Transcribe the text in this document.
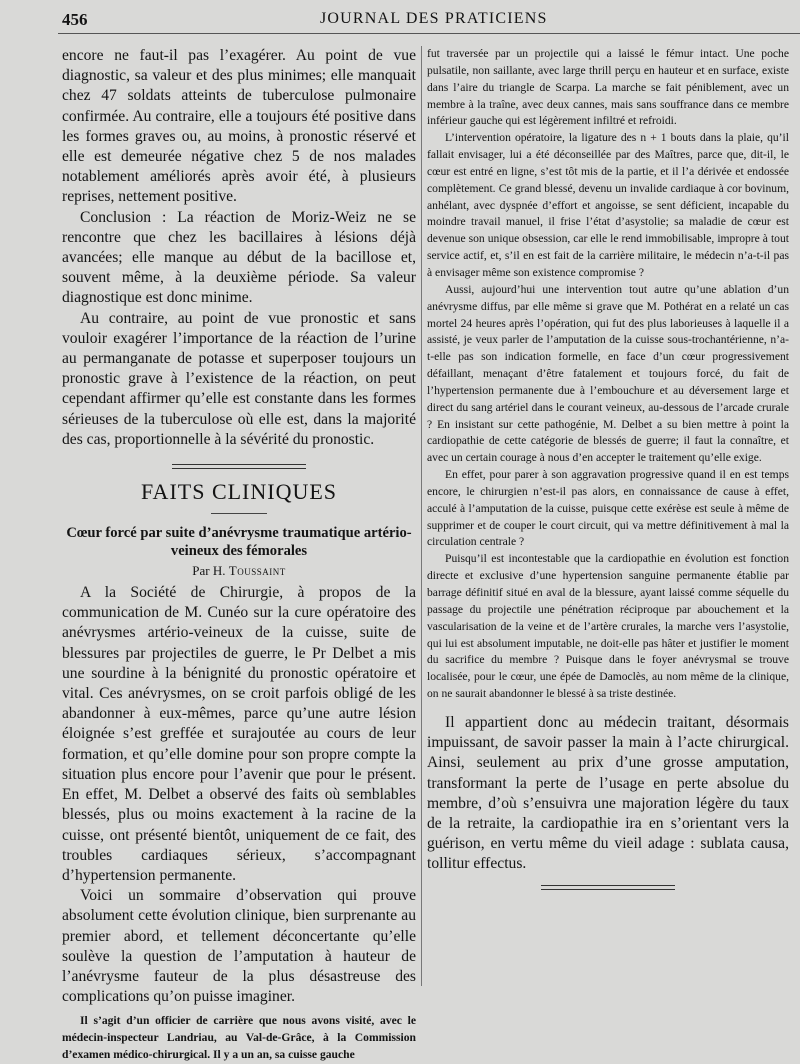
456	JOURNAL DES PRATICIENS

encore ne faut-il pas l’exagérer. Au point de vue diagnostic, sa valeur et des plus minimes; elle manquait chez 47 soldats atteints de tuberculose pulmonaire confirmée. Au contraire, elle a toujours été positive dans les formes graves ou, au moins, à pronostic réservé et elle est demeurée négative chez 5 de nos malades notablement améliorés après avoir été, à plusieurs reprises, nettement positive.

Conclusion : La réaction de Moriz-Weiz ne se rencontre que chez les bacillaires à lésions déjà avancées; elle manque au début de la bacillose et, souvent même, à la deuxième période. Sa valeur diagnostique est donc minime.

Au contraire, au point de vue pronostic et sans vouloir exagérer l’importance de la réaction de l’urine au permanganate de potasse et superposer toujours un pronostic grave à l’existence de la réaction, on peut cependant affirmer qu’elle est constante dans les formes sérieuses de la tuberculose où elle est, dans la majorité des cas, proportionnelle à la sévérité du pronostic.

FAITS CLINIQUES
Cœur forcé par suite d’anévrysme traumatique artério-veineux des fémorales
Par H. Toussaint

A la Société de Chirurgie, à propos de la communication de M. Cunéo sur la cure opératoire des anévrysmes artério-veineux de la cuisse, suite de blessures par projectiles de guerre, le Pr Delbet a mis une sourdine à la bénignité du pronostic opératoire et vital. Ces anévrysmes, on se croit parfois obligé de les abandonner à eux-mêmes, parce qu’une autre lésion éloignée s’est greffée et surajoutée au cours de leur formation, et qu’elle domine pour son propre compte la situation plus encore pour l’avenir que pour le présent. En effet, M. Delbet a observé des faits où semblables blessés, plus ou moins exactement à la racine de la cuisse, ont présenté bientôt, uniquement de ce fait, des troubles cardiaques sérieux, s’accompagnant d’hypertension permanente.

Voici un sommaire d’observation qui prouve absolument cette évolution clinique, bien surprenante au premier abord, et tellement déconcertante qu’elle soulève la question de l’amputation à hauteur de l’anévrysme fauteur de la plus désastreuse des complications qu’on puisse imaginer.

Il s’agit d’un officier de carrière que nous avons visité, avec le médecin-inspecteur Landriau, au Val-de-Grâce, à la Commission d’examen médico-chirurgical. Il y a un an, sa cuisse gauche

fut traversée par un projectile qui a laissé le fémur intact. Une poche pulsatile, non saillante, avec large thrill perçu en hauteur et en surface, existe dans l’aire du triangle de Scarpa. La marche se fait péniblement, avec un membre à la traîne, avec deux cannes, mais sans souffrance dans ce membre inférieur gauche qui est légèrement infiltré et refroidi.

L’intervention opératoire, la ligature des n + 1 bouts dans la plaie, qu’il fallait envisager, lui a été déconseillée par des Maîtres, parce que, dit-il, le cœur est entré en ligne, s’est tôt mis de la partie, et il l’a dérivée et endossée complètement. Ce grand blessé, devenu un invalide cardiaque à cor bovinum, anhélant, avec dyspnée d’effort et angoisse, se sent déficient, incapable du moindre travail manuel, il frise l’état d’asystolie; sa maladie de cœur est devenue son unique obsession, car elle le rend immobilisable, impropre à tout service actif, et, s’il en est fait de la carrière militaire, le médecin n’a-t-il pas à envisager même son existence compromise ?

Aussi, aujourd’hui une intervention tout autre qu’une ablation d’un anévrysme diffus, par elle même si grave que M. Pothérat en a relaté un cas mortel 24 heures après l’opération, qui fut des plus laborieuses à laquelle il a assisté, je veux parler de l’amputation de la cuisse sous-trochantérienne, n’a-t-elle pas son indication formelle, en face d’un cœur progressivement défaillant, menaçant d’être fatalement et toujours forcé, du fait de l’hypertension permanente due à l’embouchure et au déversement large et direct du sang artériel dans le courant veineux, au-dessous de l’arcade crurale ? En insistant sur cette pathogénie, M. Delbet a su bien mettre à point la cardiopathie de cette catégorie de blessés de guerre; il faut la connaître, et avec un certain courage à nous d’en accepter le traitement qu’elle exige.

En effet, pour parer à son aggravation progressive quand il en est temps encore, le chirurgien n’est-il pas alors, en connaissance de cause à effet, acculé à l’amputation de la cuisse, puisque cette exérèse est seule à même de supprimer et de couper le court circuit, qui va mettre définitivement à mal la circulation centrale ?

Puisqu’il est incontestable que la cardiopathie en évolution est fonction directe et exclusive d’une hypertension sanguine permanente établie par barrage définitif situé en aval de la blessure, ayant laissé comme séquelle du passage du projectile une pénétration réciproque par abouchement et la vascularisation de la veine et de l’artère crurales, la marche vers l’asystolie, qui lui est absolument imputable, ne doit-elle pas hâter et justifier le moment du sacrifice du membre ? Puisque dans le foyer anévrysmal se trouve localisée, pour le cœur, une épée de Damoclès, au nom même de la clinique, on ne saurait abandonner le blessé à sa triste destinée.

Il appartient donc au médecin traitant, désormais impuissant, de savoir passer la main à l’acte chirurgical. Ainsi, seulement au prix d’une grosse amputation, transformant la perte de l’usage en perte absolue du membre, d’où s’ensuivra une majoration légère du taux de la retraite, la cardiopathie ira en s’orientant vers la guérison, en vertu même du vieil adage : sublata causa, tollitur effectus.
